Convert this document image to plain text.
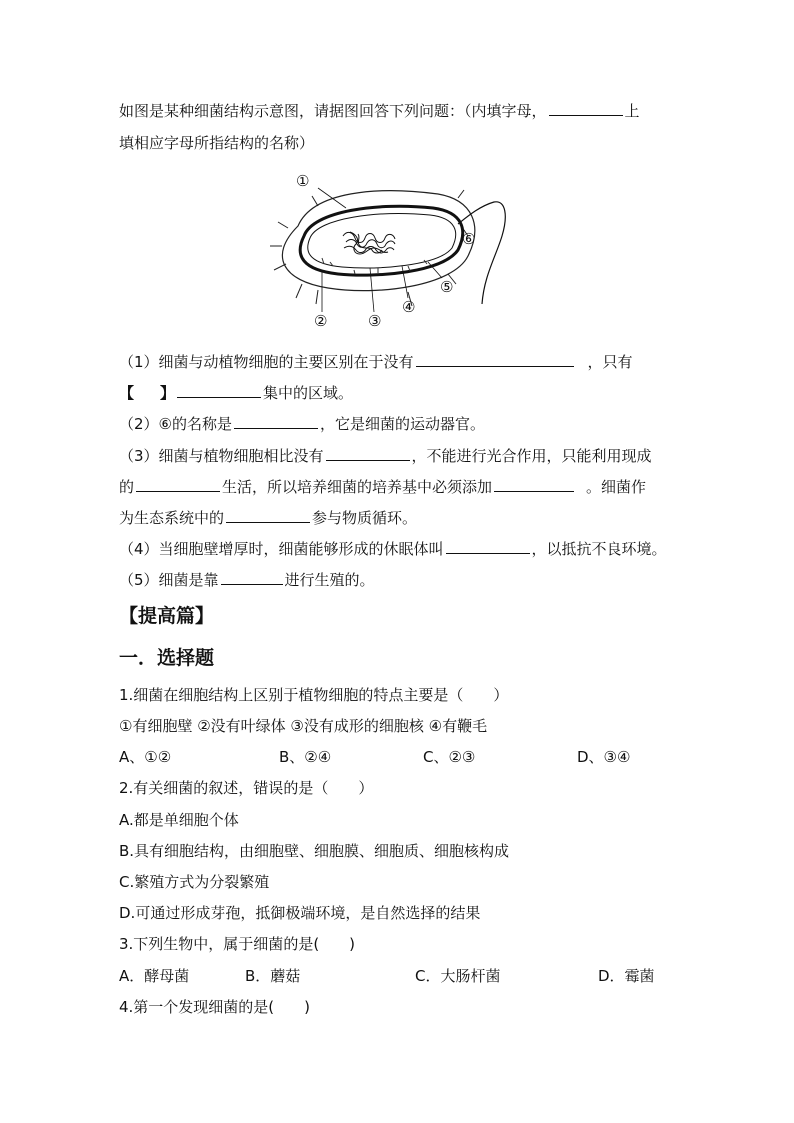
如图是某种细菌结构示意图，请据图回答下列问题：（内填字母，	上
填相应字母所指结构的名称）
①
②	③
④
⑤
⑥
（1）细菌与动植物细胞的主要区别在于没有	，只有
【 】	集中的区域。
（2）⑥的名称是	，它是细菌的运动器官。
（3）细菌与植物细胞相比没有	，不能进行光合作用，只能利用现成
的	生活，所以培养细菌的培养基中必须添加	。细菌作
为生态系统中的	参与物质循环。
（4）当细胞壁增厚时，细菌能够形成的休眠体叫	，以抵抗不良环境。
（5）细菌是靠	进行生殖的。
【提高篇】
一．选择题
1.细菌在细胞结构上区别于植物细胞的特点主要是（　　）
①有细胞壁 ②没有叶绿体 ③没有成形的细胞核 ④有鞭毛
A、①②	B、②④	C、②③	D、③④
2.有关细菌的叙述，错误的是（　　）
A.都是单细胞个体
B.具有细胞结构，由细胞壁、细胞膜、细胞质、细胞核构成
C.繁殖方式为分裂繁殖
D.可通过形成芽孢，抵御极端环境，是自然选择的结果
3.下列生物中，属于细菌的是(　　)
A．酵母菌	B．蘑菇	C．大肠杆菌	D．霉菌
4.第一个发现细菌的是(　　)
